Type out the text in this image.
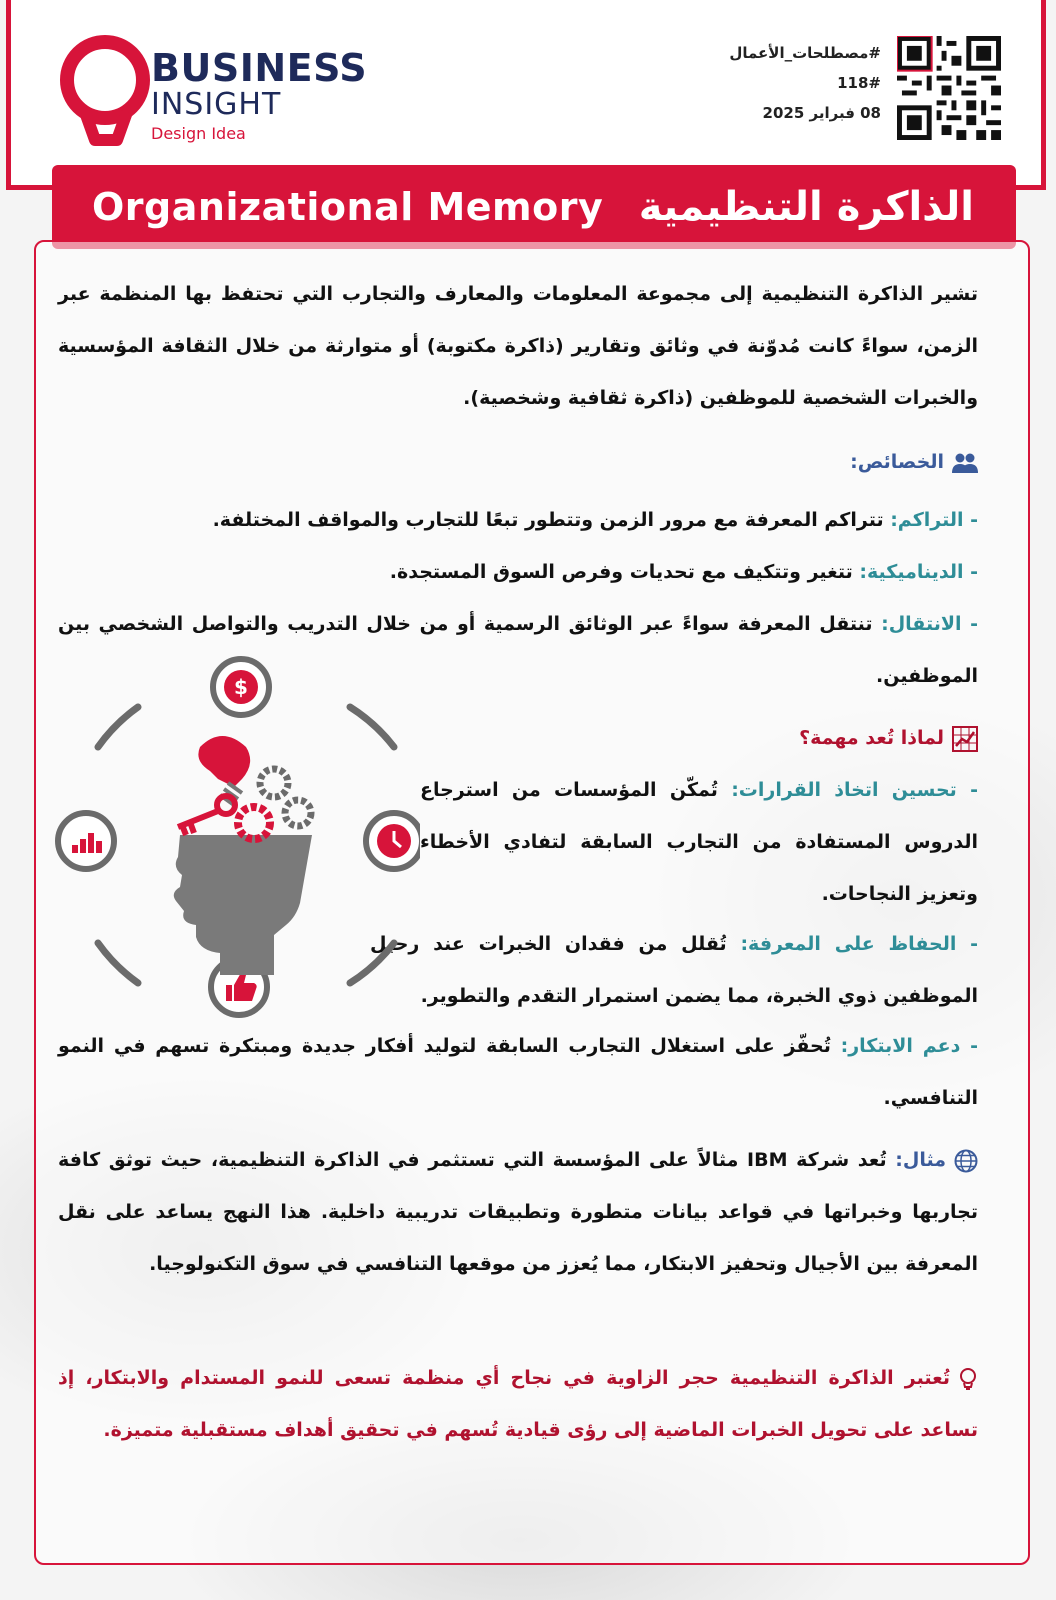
BUSINESS
INSIGHT
Design Idea
#مصطلحات_الأعمال
118#
08 فبراير 2025
Organizational Memory الذاكرة التنظيمية
تشير الذاكرة التنظيمية إلى مجموعة المعلومات والمعارف والتجارب التي تحتفظ بها المنظمة عبر الزمن، سواءً كانت مُدوّنة في وثائق وتقارير (ذاكرة مكتوبة) أو متوارثة من خلال الثقافة المؤسسية والخبرات الشخصية للموظفين (ذاكرة ثقافية وشخصية).
الخصائص:
- التراكم: تتراكم المعرفة مع مرور الزمن وتتطور تبعًا للتجارب والمواقف المختلفة.
- الديناميكية: تتغير وتتكيف مع تحديات وفرص السوق المستجدة.
- الانتقال: تنتقل المعرفة سواءً عبر الوثائق الرسمية أو من خلال التدريب والتواصل الشخصي بين الموظفين.
لماذا تُعد مهمة؟
- تحسين اتخاذ القرارات: تُمكّن المؤسسات من استرجاع الدروس المستفادة من التجارب السابقة لتفادي الأخطاء وتعزيز النجاحات.
- الحفاظ على المعرفة: تُقلل من فقدان الخبرات عند رحيل الموظفين ذوي الخبرة، مما يضمن استمرار التقدم والتطوير.
- دعم الابتكار: تُحفّز على استغلال التجارب السابقة لتوليد أفكار جديدة ومبتكرة تسهم في النمو التنافسي.
مثال: تُعد شركة IBM مثالاً على المؤسسة التي تستثمر في الذاكرة التنظيمية، حيث توثق كافة تجاربها وخبراتها في قواعد بيانات متطورة وتطبيقات تدريبية داخلية. هذا النهج يساعد على نقل المعرفة بين الأجيال وتحفيز الابتكار، مما يُعزز من موقعها التنافسي في سوق التكنولوجيا.
تُعتبر الذاكرة التنظيمية حجر الزاوية في نجاح أي منظمة تسعى للنمو المستدام والابتكار، إذ تساعد على تحويل الخبرات الماضية إلى رؤى قيادية تُسهم في تحقيق أهداف مستقبلية متميزة.
$
